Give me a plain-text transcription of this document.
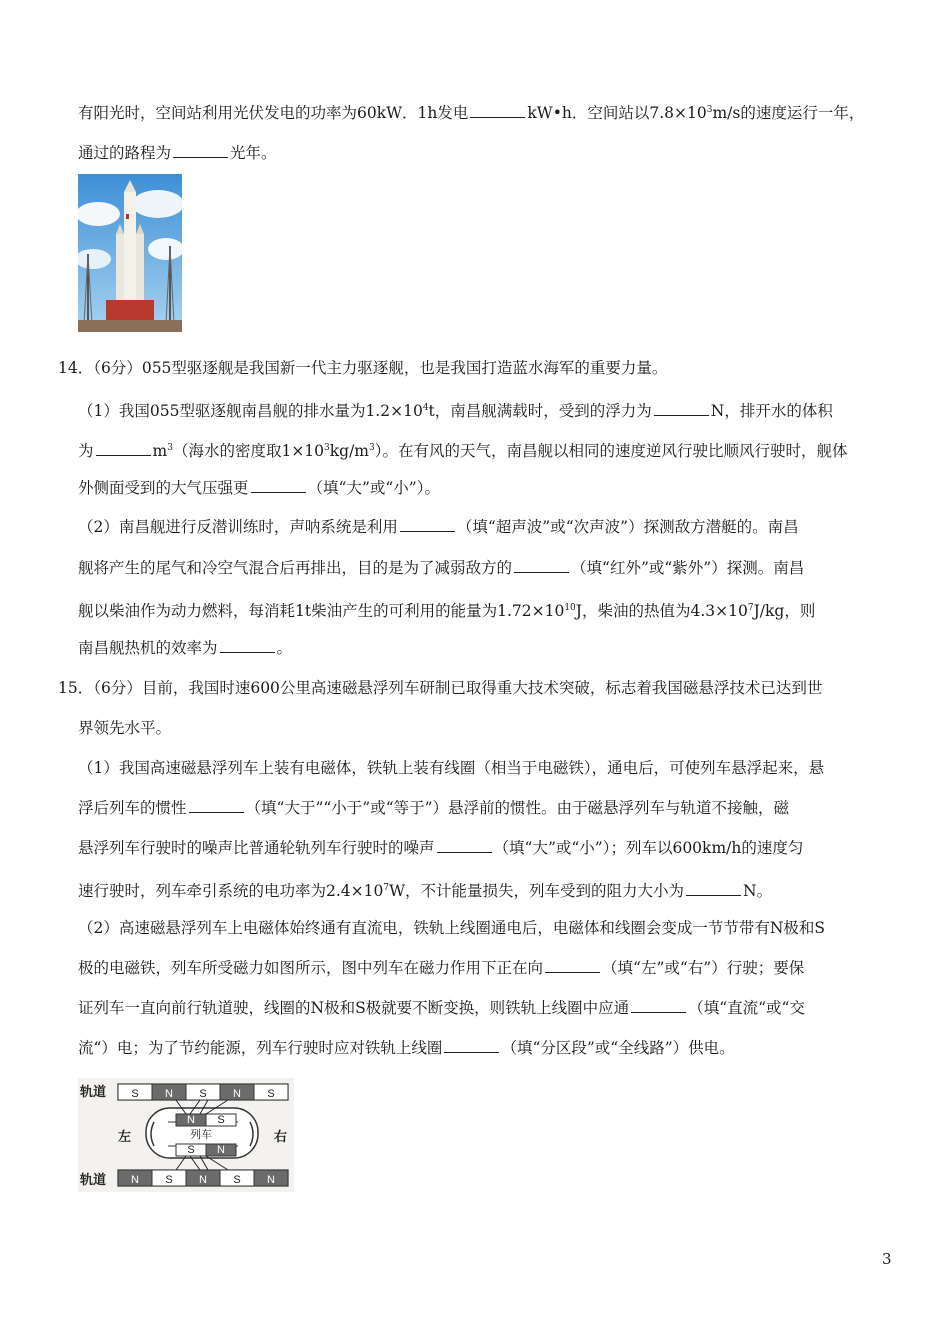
有阳光时，空间站利用光伏发电的功率为60kW．1h发电	kW•h．空间站以$7.8\times 10^3m/s$的速度运行一年，
通过的路程为	光年。
14．（6分）055型驱逐舰是我国新一代主力驱逐舰，也是我国打造蓝水海军的重要力量。
（1）我国055型驱逐舰南昌舰的排水量为$1.2\times 10^4t$，南昌舰满载时，受到的浮力为	N，排开水的体积
为	$m^3$（海水的密度取$1\times 10^3kg/m^3$）。在有风的天气，南昌舰以相同的速度逆风行驶比顺风行驶时，舰体
外侧面受到的大气压强更	（填“大”或“小”）。
（2）南昌舰进行反潜训练时，声呐系统是利用	（填“超声波”或“次声波”）探测敌方潜艇的。南昌
舰将产生的尾气和冷空气混合后再排出，目的是为了减弱敌方的	（填“红外”或“紫外”）探测。南昌
舰以柴油作为动力燃料，每消耗1t柴油产生的可利用的能量为$1.72\times 10^{10}J$，柴油的热值为$4.3\times 10^7J/kg$，则
南昌舰热机的效率为	。
15．（6分）目前，我国时速600公里高速磁悬浮列车研制已取得重大技术突破，标志着我国磁悬浮技术已达到世
界领先水平。
（1）我国高速磁悬浮列车上装有电磁体，铁轨上装有线圈（相当于电磁铁），通电后，可使列车悬浮起来，悬
浮后列车的惯性	（填“大于”“小于”或“等于”）悬浮前的惯性。由于磁悬浮列车与轨道不接触，磁
悬浮列车行驶时的噪声比普通轮轨列车行驶时的噪声	（填“大”或“小”）；列车以600km/h的速度匀
速行驶时，列车牵引系统的电功率为$2.4\times 10^7W$，不计能量损失，列车受到的阻力大小为	N。
（2）高速磁悬浮列车上电磁体始终通有直流电，铁轨上线圈通电后，电磁体和线圈会变成一节节带有N极和S
极的电磁铁，列车所受磁力如图所示，图中列车在磁力作用下正在向	（填“左”或“右”）行驶；要保
证列车一直向前行轨道驶，线圈的N极和S极就要不断变换，则铁轨上线圈中应通	（填“直流“或“交
流“）电；为了节约能源，列车行驶时应对铁轨上线圈	（填“分区段”或“全线路”）供电。
轨道 S N S N S
左	右
列车
N S
S N
轨道 N S N S N
3
